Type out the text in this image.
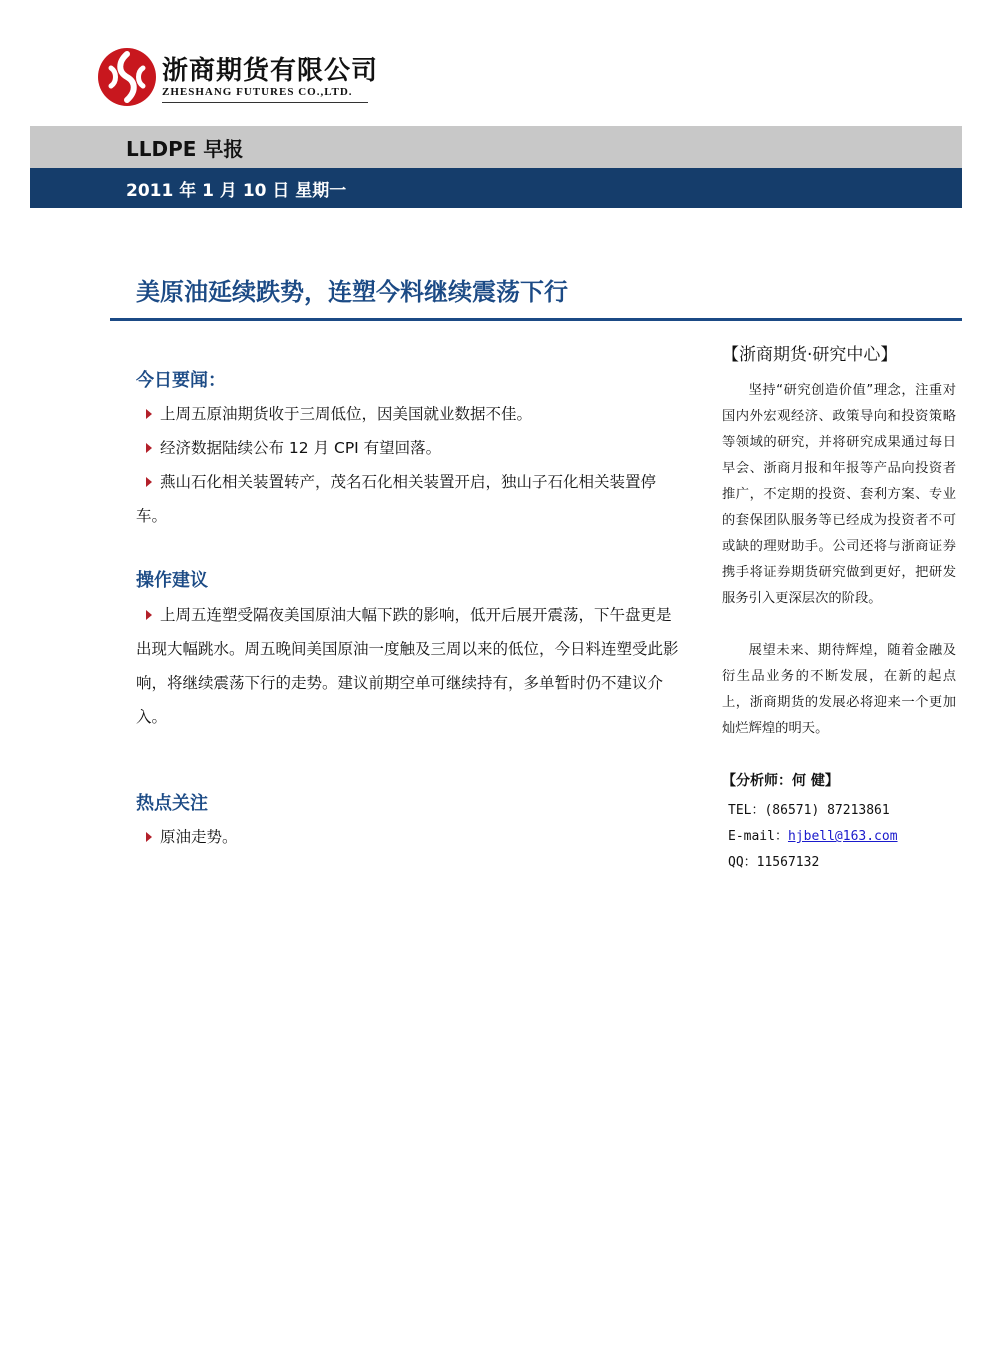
浙商期货有限公司
ZHESHANG FUTURES CO.,LTD.
LLDPE 早报
2011 年 1 月 10 日 星期一
美原油延续跌势，连塑今料继续震荡下行
今日要闻：
上周五原油期货收于三周低位，因美国就业数据不佳。
经济数据陆续公布 12 月 CPI 有望回落。
燕山石化相关装置转产，茂名石化相关装置开启，独山子石化相关装置停车。
操作建议
上周五连塑受隔夜美国原油大幅下跌的影响，低开后展开震荡，下午盘更是出现大幅跳水。周五晚间美国原油一度触及三周以来的低位，今日料连塑受此影响，将继续震荡下行的走势。建议前期空单可继续持有，多单暂时仍不建议介入。
热点关注
原油走势。
【浙商期货·研究中心】
坚持“研究创造价值”理念，注重对国内外宏观经济、政策导向和投资策略等领域的研究，并将研究成果通过每日早会、浙商月报和年报等产品向投资者推广，不定期的投资、套利方案、专业的套保团队服务等已经成为投资者不可或缺的理财助手。公司还将与浙商证券携手将证券期货研究做到更好，把研发服务引入更深层次的阶段。
展望未来、期待辉煌，随着金融及衍生品业务的不断发展，在新的起点上，浙商期货的发展必将迎来一个更加灿烂辉煌的明天。
【分析师：何 健】
TEL：(86571) 87213861
E-mail：hjbell@163.com
QQ：11567132
